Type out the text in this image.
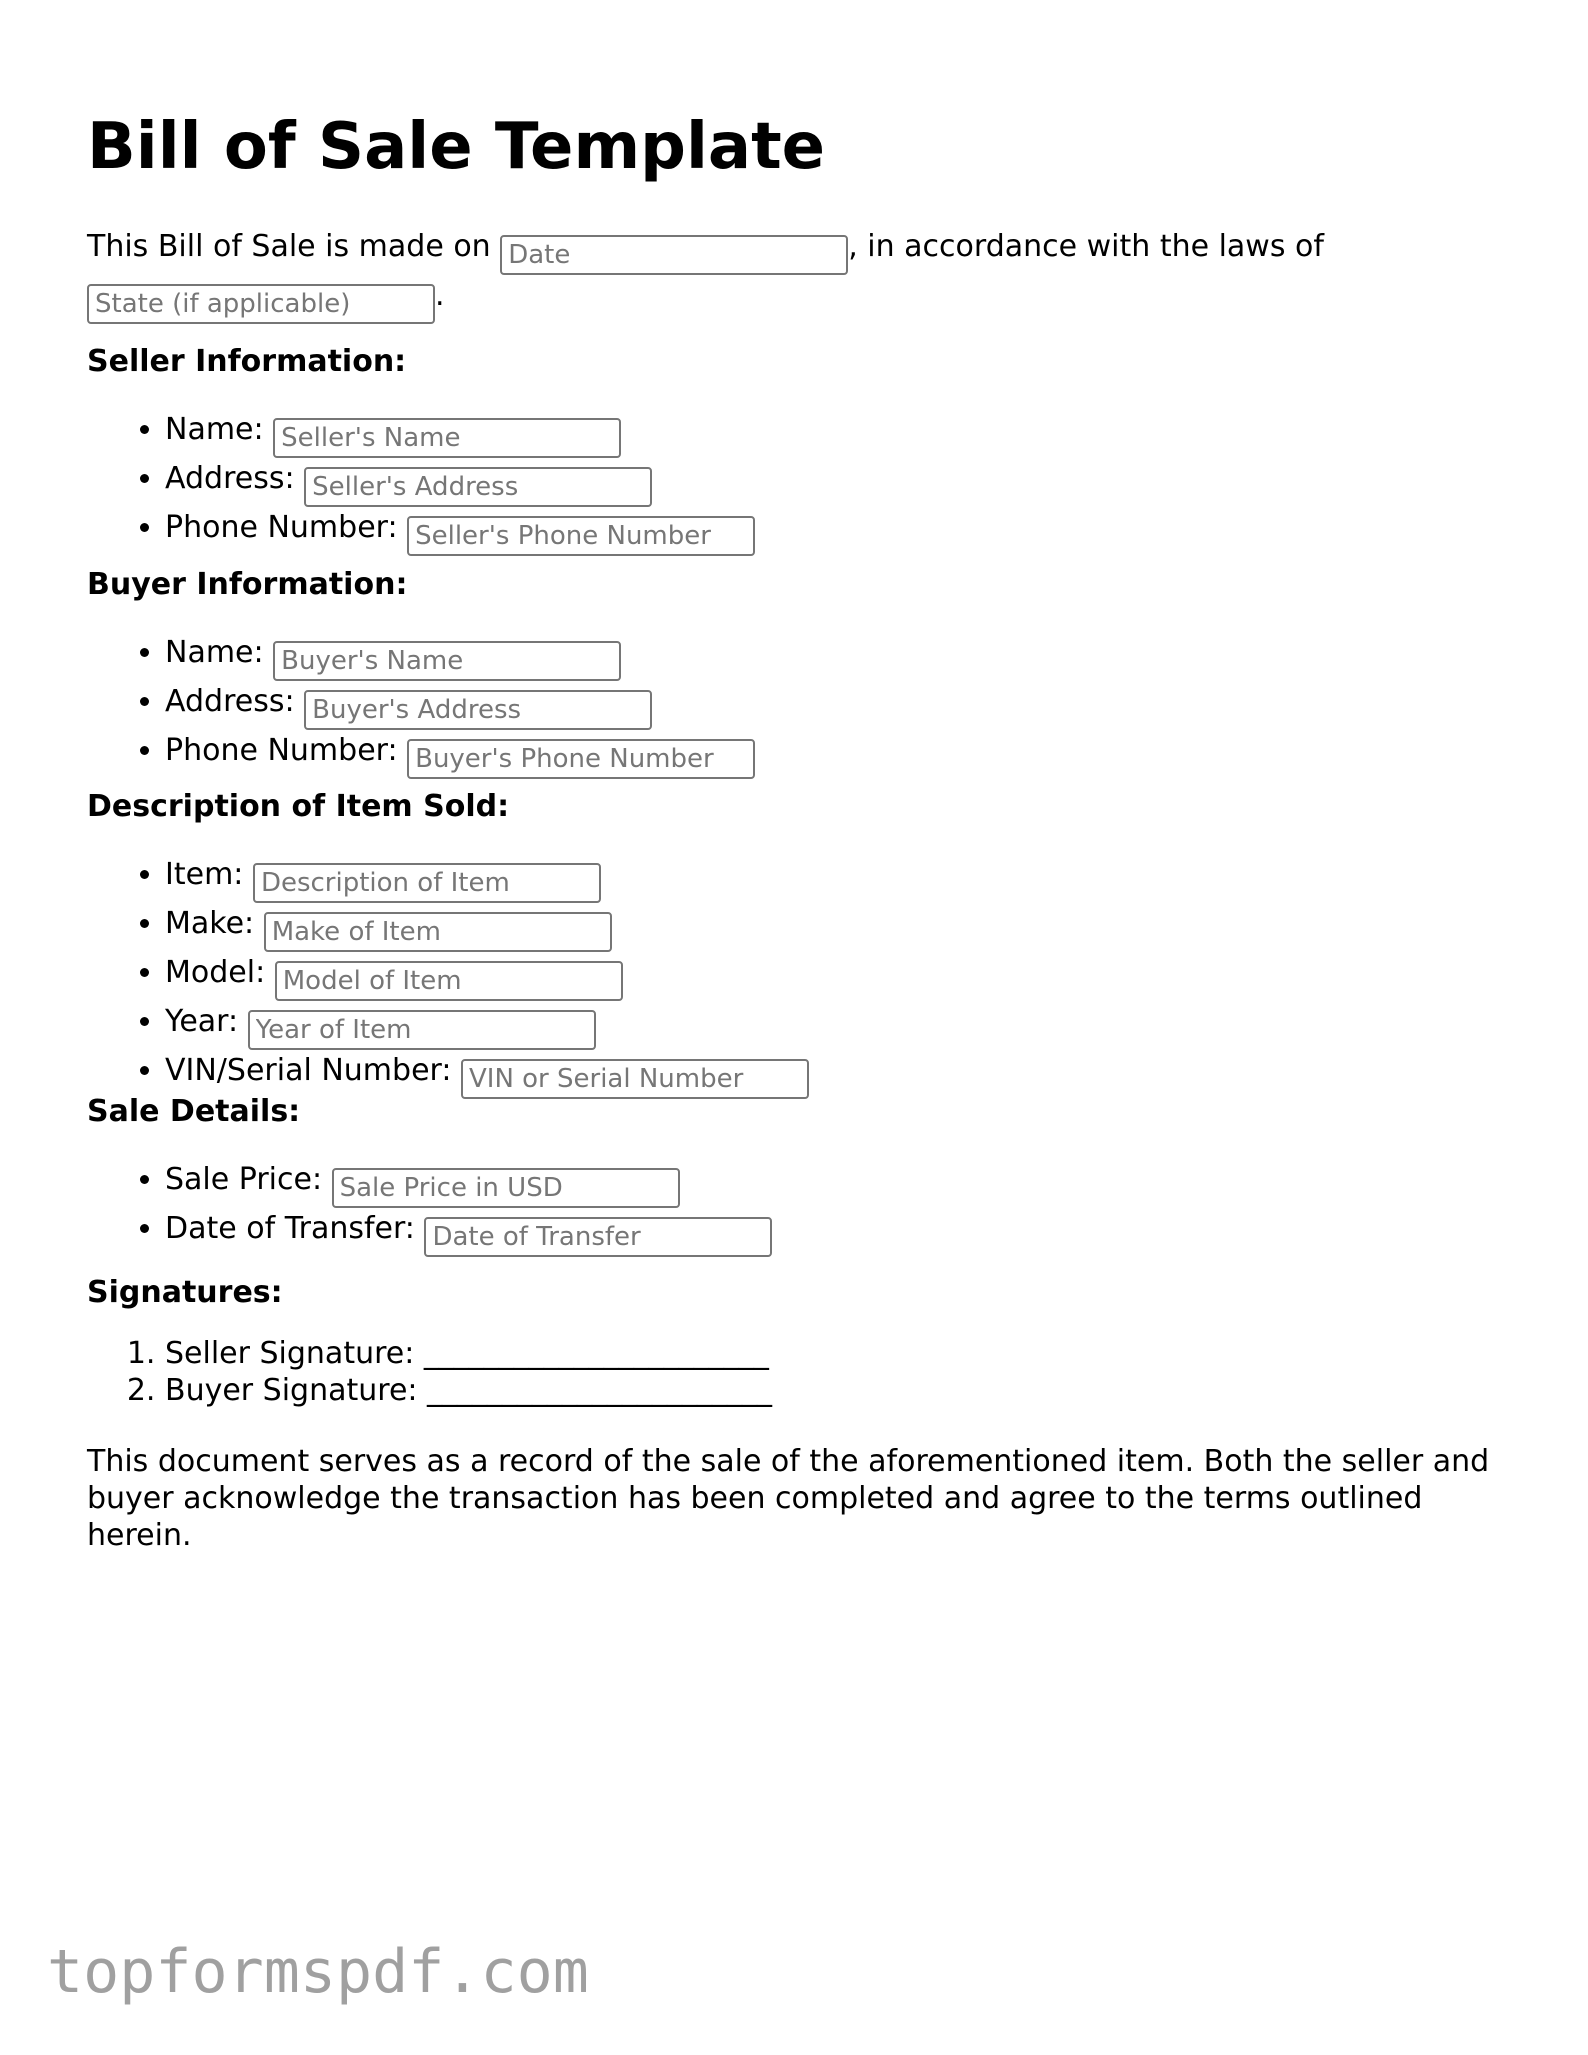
Bill of Sale Template

This Bill of Sale is made on Date	, in accordance with the laws of
State (if applicable).

Seller Information:
• Name: Seller's Name
• Address: Seller's Address
• Phone Number: Seller's Phone Number
Buyer Information:
• Name: Buyer's Name
• Address: Buyer's Address
• Phone Number: Buyer's Phone Number
Description of Item Sold:
• Item: Description of Item
• Make: Make of Item
• Model: Model of Item
• Year: Year of Item
• VIN/Serial Number: VIN or Serial Number
Sale Details:
• Sale Price: Sale Price in USD
• Date of Transfer: Date of Transfer
Signatures:
1. Seller Signature: _______________________
2. Buyer Signature: _______________________

This document serves as a record of the sale of the aforementioned item. Both the seller and buyer acknowledge the transaction has been completed and agree to the terms outlined herein.

topformspdf.com
